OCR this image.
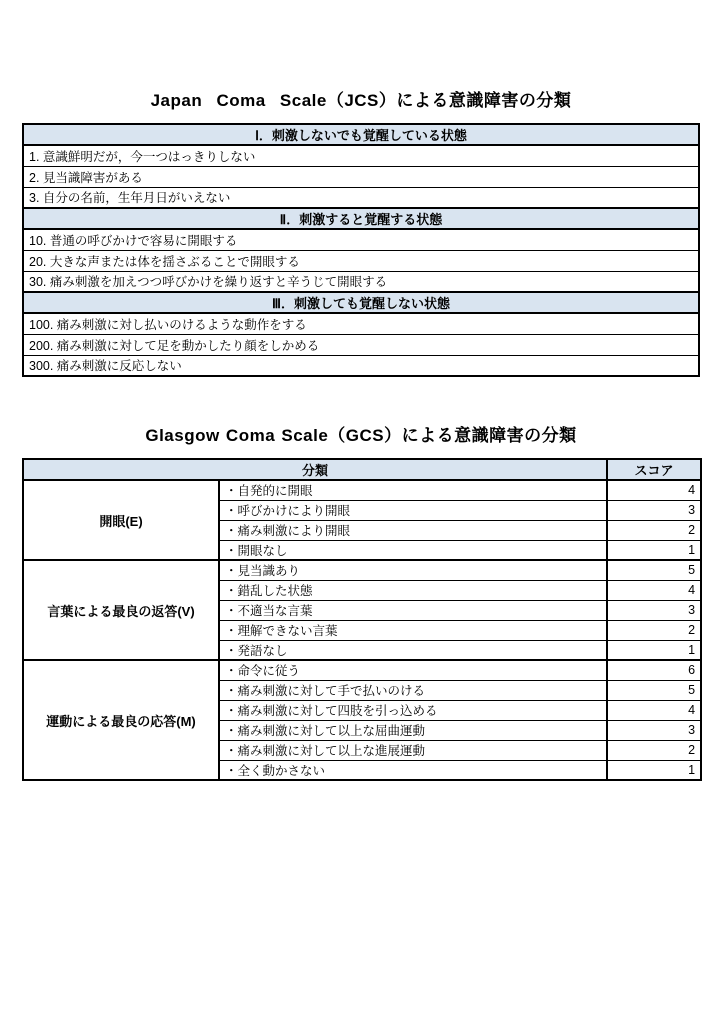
Japan Coma Scale（JCS）による意識障害の分類
Ⅰ．刺激しないでも覚醒している状態
1. 意識鮮明だが，今一つはっきりしない
2. 見当識障害がある
3. 自分の名前，生年月日がいえない
Ⅱ．刺激すると覚醒する状態
10. 普通の呼びかけで容易に開眼する
20. 大きな声または体を揺さぶることで開眼する
30. 痛み刺激を加えつつ呼びかけを繰り返すと辛うじて開眼する
Ⅲ．刺激しても覚醒しない状態
100. 痛み刺激に対し払いのけるような動作をする
200. 痛み刺激に対して足を動かしたり顔をしかめる
300. 痛み刺激に反応しない
Glasgow Coma Scale（GCS）による意識障害の分類
分類		スコア
開眼(E)	・自発的に開眼	4
	・呼びかけにより開眼	3
	・痛み刺激により開眼	2
	・開眼なし	1
言葉による最良の返答(V)	・見当識あり	5
	・錯乱した状態	4
	・不適当な言葉	3
	・理解できない言葉	2
	・発語なし	1
運動による最良の応答(M)	・命令に従う	6
	・痛み刺激に対して手で払いのける	5
	・痛み刺激に対して四肢を引っ込める	4
	・痛み刺激に対して以上な屈曲運動	3
	・痛み刺激に対して以上な進展運動	2
	・全く動かさない	1
